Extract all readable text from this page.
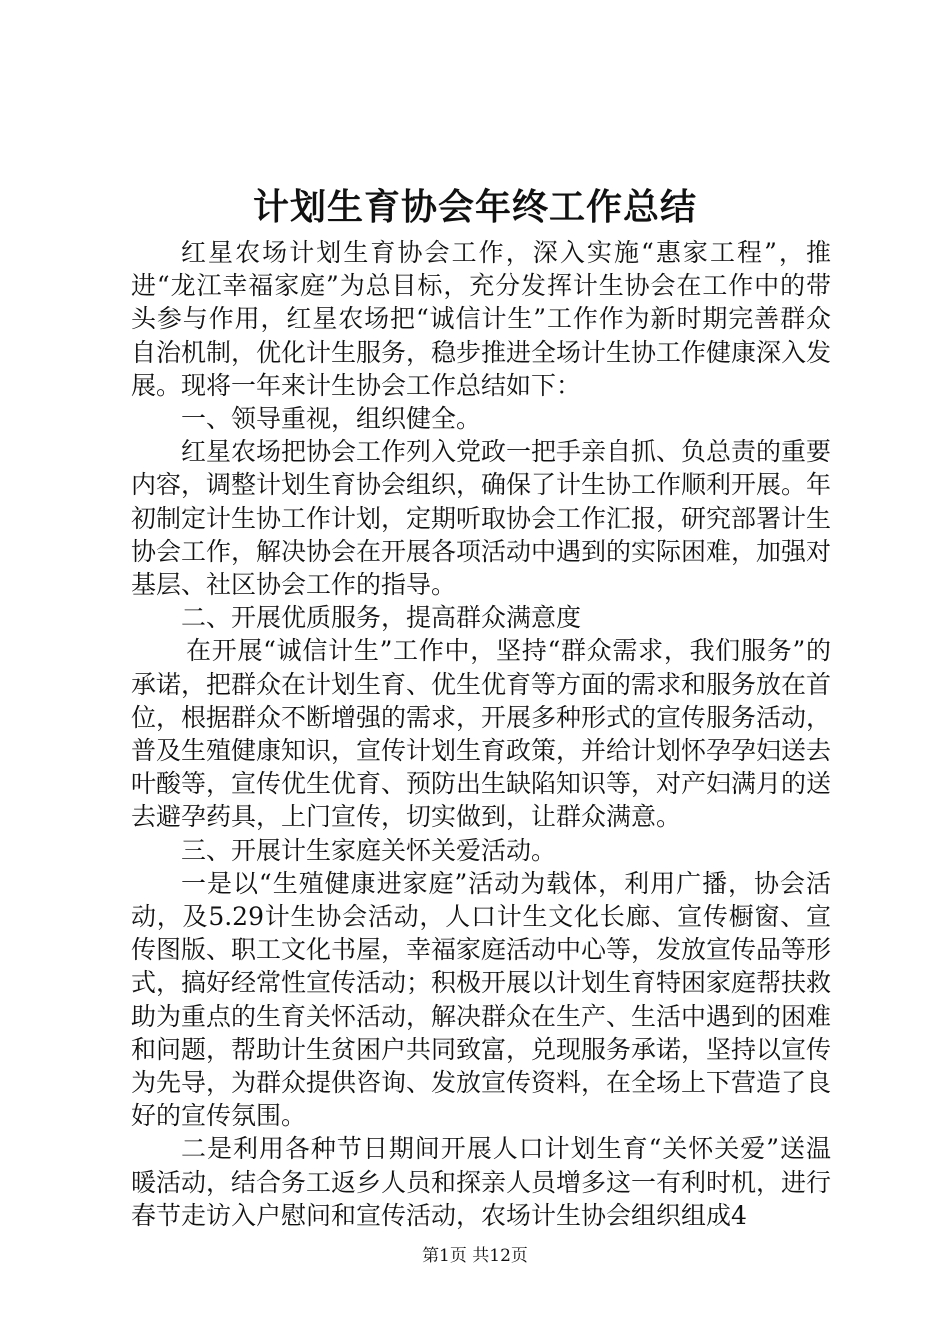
计划生育协会年终工作总结

红星农场计划生育协会工作，深入实施“惠家工程”，推进“龙江幸福家庭”为总目标，充分发挥计生协会在工作中的带头参与作用，红星农场把“诚信计生”工作作为新时期完善群众自治机制，优化计生服务，稳步推进全场计生协工作健康深入发展。现将一年来计生协会工作总结如下：

一、领导重视，组织健全。

红星农场把协会工作列入党政一把手亲自抓、负总责的重要内容，调整计划生育协会组织，确保了计生协工作顺利开展。年初制定计生协工作计划，定期听取协会工作汇报，研究部署计生协会工作，解决协会在开展各项活动中遇到的实际困难，加强对基层、社区协会工作的指导。

二、开展优质服务，提高群众满意度

在开展“诚信计生”工作中，坚持“群众需求，我们服务”的承诺，把群众在计划生育、优生优育等方面的需求和服务放在首位，根据群众不断增强的需求，开展多种形式的宣传服务活动，普及生殖健康知识，宣传计划生育政策，并给计划怀孕孕妇送去叶酸等，宣传优生优育、预防出生缺陷知识等，对产妇满月的送去避孕药具，上门宣传，切实做到，让群众满意。

三、开展计生家庭关怀关爱活动。

一是以“生殖健康进家庭”活动为载体，利用广播，协会活动，及5.29计生协会活动，人口计生文化长廊、宣传橱窗、宣传图版、职工文化书屋，幸福家庭活动中心等，发放宣传品等形式，搞好经常性宣传活动；积极开展以计划生育特困家庭帮扶救助为重点的生育关怀活动，解决群众在生产、生活中遇到的困难和问题，帮助计生贫困户共同致富，兑现服务承诺，坚持以宣传为先导，为群众提供咨询、发放宣传资料，在全场上下营造了良好的宣传氛围。

二是利用各种节日期间开展人口计划生育“关怀关爱”送温暖活动，结合务工返乡人员和探亲人员增多这一有利时机，进行春节走访入户慰问和宣传活动，农场计生协会组织组成4

第1页 共12页
